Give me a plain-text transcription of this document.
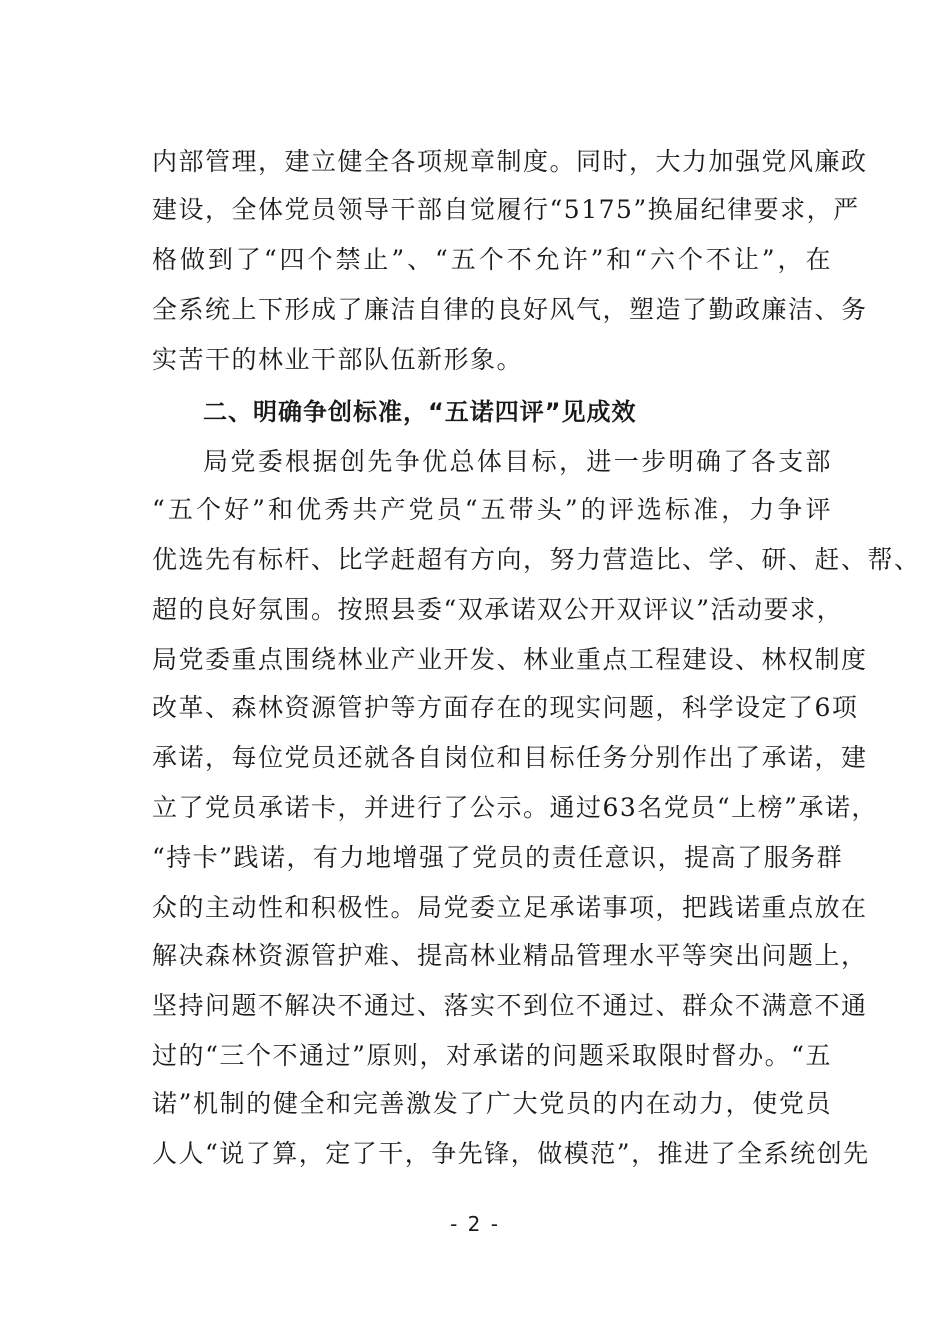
内部管理，建立健全各项规章制度。同时，大力加强党风廉政
建设，全体党员领导干部自觉履行“5175”换届纪律要求，严
格做到了“四个禁止”、“五个不允许”和“六个不让”，在
全系统上下形成了廉洁自律的良好风气，塑造了勤政廉洁、务
实苦干的林业干部队伍新形象。
二、明确争创标准，“五诺四评”见成效
局党委根据创先争优总体目标，进一步明确了各支部
“五个好”和优秀共产党员“五带头”的评选标准，力争评
优选先有标杆、比学赶超有方向，努力营造比、学、研、赶、帮、
超的良好氛围。按照县委“双承诺双公开双评议”活动要求，
局党委重点围绕林业产业开发、林业重点工程建设、林权制度
改革、森林资源管护等方面存在的现实问题，科学设定了6项
承诺，每位党员还就各自岗位和目标任务分别作出了承诺，建
立了党员承诺卡，并进行了公示。通过63名党员“上榜”承诺，
“持卡”践诺，有力地增强了党员的责任意识，提高了服务群
众的主动性和积极性。局党委立足承诺事项，把践诺重点放在
解决森林资源管护难、提高林业精品管理水平等突出问题上，
坚持问题不解决不通过、落实不到位不通过、群众不满意不通
过的“三个不通过”原则，对承诺的问题采取限时督办。“五
诺”机制的健全和完善激发了广大党员的内在动力，使党员
人人“说了算，定了干，争先锋，做模范”，推进了全系统创先
- 2 -
